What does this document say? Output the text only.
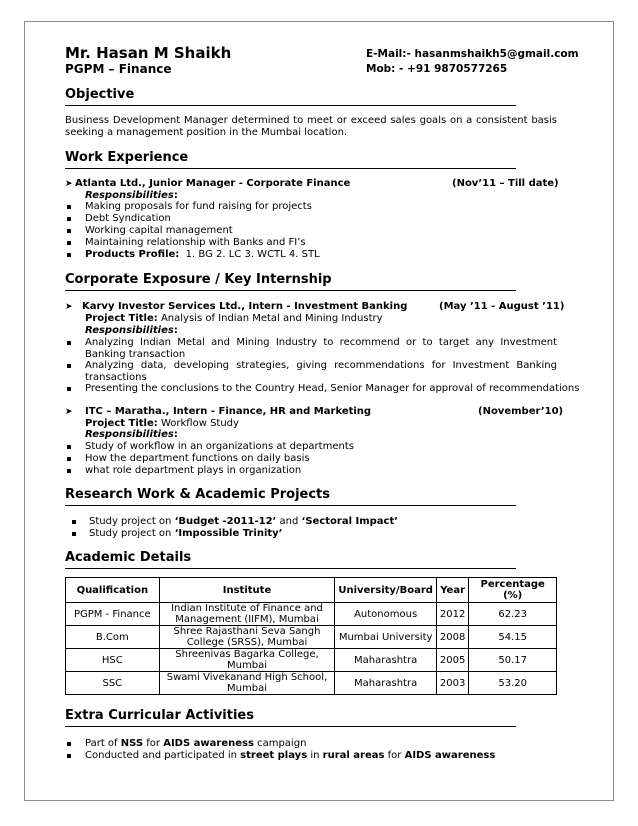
Mr. Hasan M Shaikh
PGPM – Finance
E-Mail:- hasanmshaikh5@gmail.com
Mob: - +91 9870577265
Objective
Business Development Manager determined to meet or exceed sales goals on a consistent basis seeking a management position in the Mumbai location.
Work Experience
➤ Atlanta Ltd., Junior Manager - Corporate Finance	(Nov’11 – Till date)
Responsibilities:
Making proposals for fund raising for projects
Debt Syndication
Working capital management
Maintaining relationship with Banks and FI’s
Products Profile: 1. BG 2. LC 3. WCTL 4. STL
Corporate Exposure / Key Internship
➤ Karvy Investor Services Ltd., Intern - Investment Banking	(May ’11 - August ’11)
Project Title: Analysis of Indian Metal and Mining Industry
Responsibilities:
Analyzing Indian Metal and Mining Industry to recommend or to target any Investment Banking transaction
Analyzing data, developing strategies, giving recommendations for Investment Banking transactions
Presenting the conclusions to the Country Head, Senior Manager for approval of recommendations
➤ ITC – Maratha., Intern - Finance, HR and Marketing	(November’10)
Project Title: Workflow Study
Responsibilities:
Study of workflow in an organizations at departments
How the department functions on daily basis
what role department plays in organization
Research Work & Academic Projects
Study project on ‘Budget -2011-12’ and ‘Sectoral Impact’
Study project on ‘Impossible Trinity’
Academic Details
Qualification	Institute	University/Board	Year	Percentage (%)
PGPM - Finance	Indian Institute of Finance and Management (IIFM), Mumbai	Autonomous	2012	62.23
B.Com	Shree Rajasthani Seva Sangh College (SRSS), Mumbai	Mumbai University	2008	54.15
HSC	Shreenivas Bagarka College, Mumbai	Maharashtra	2005	50.17
SSC	Swami Vivekanand High School, Mumbai	Maharashtra	2003	53.20
Extra Curricular Activities
Part of NSS for AIDS awareness campaign
Conducted and participated in street plays in rural areas for AIDS awareness
